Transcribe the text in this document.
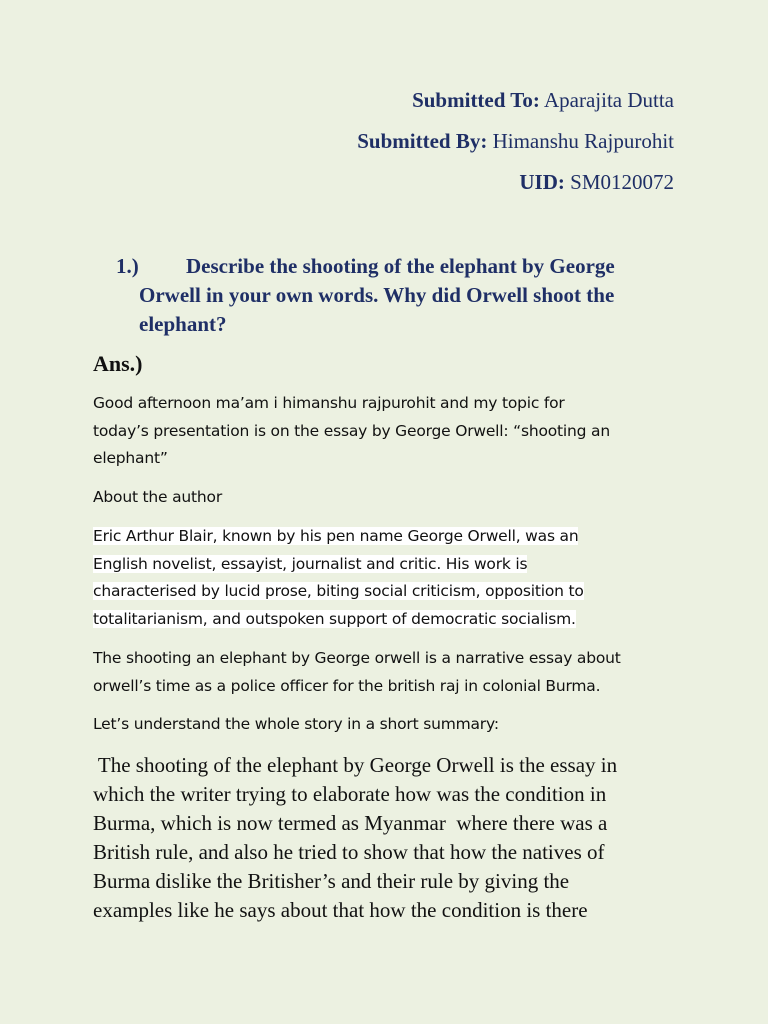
Submitted To: Aparajita Dutta
Submitted By: Himanshu Rajpurohit
UID: SM0120072
1.)	Describe the shooting of the elephant by George
Orwell in your own words. Why did Orwell shoot the
elephant?
Ans.)
Good afternoon ma’am i himanshu rajpurohit and my topic for
today’s presentation is on the essay by George Orwell: “shooting an
elephant”
About the author
Eric Arthur Blair, known by his pen name George Orwell, was an
English novelist, essayist, journalist and critic. His work is
characterised by lucid prose, biting social criticism, opposition to
totalitarianism, and outspoken support of democratic socialism.
The shooting an elephant by George orwell is a narrative essay about
orwell’s time as a police officer for the british raj in colonial Burma.
Let’s understand the whole story in a short summary:
The shooting of the elephant by George Orwell is the essay in
which the writer trying to elaborate how was the condition in
Burma, which is now termed as Myanmar  where there was a
British rule, and also he tried to show that how the natives of
Burma dislike the Britisher’s and their rule by giving the
examples like he says about that how the condition is there
